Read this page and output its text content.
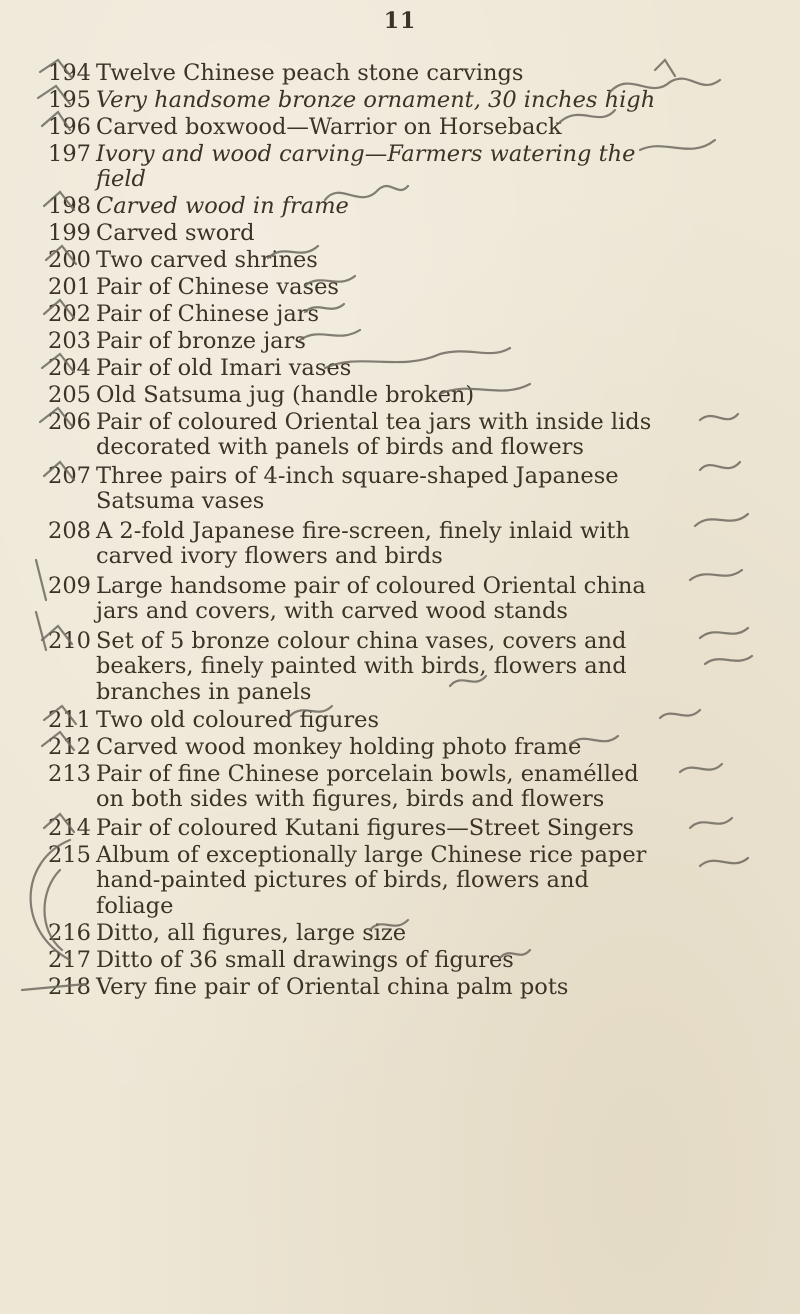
11
194 Twelve Chinese peach stone carvings
195 Very handsome bronze ornament, 30 inches high
196 Carved boxwood—Warrior on Horseback
197 Ivory and wood carving—Farmers watering the
field
198 Carved wood in frame
199 Carved sword
200 Two carved shrines
201 Pair of Chinese vases
202 Pair of Chinese jars
203 Pair of bronze jars
204 Pair of old Imari vases
205 Old Satsuma jug (handle broken)
206 Pair of coloured Oriental tea jars with inside lids
decorated with panels of birds and flowers
207 Three pairs of 4-inch square-shaped Japanese
Satsuma vases
208 A 2-fold Japanese fire-screen, finely inlaid with
carved ivory flowers and birds
209 Large handsome pair of coloured Oriental china
jars and covers, with carved wood stands
210 Set of 5 bronze colour china vases, covers and
beakers, finely painted with birds, flowers and
branches in panels
211 Two old coloured figures
212 Carved wood monkey holding photo frame
213 Pair of fine Chinese porcelain bowls, enamélled
on both sides with figures, birds and flowers
214 Pair of coloured Kutani figures—Street Singers
215 Album of exceptionally large Chinese rice paper
hand-painted pictures of birds, flowers and
foliage
216 Ditto, all figures, large size
217 Ditto of 36 small drawings of figures
218 Very fine pair of Oriental china palm pots
